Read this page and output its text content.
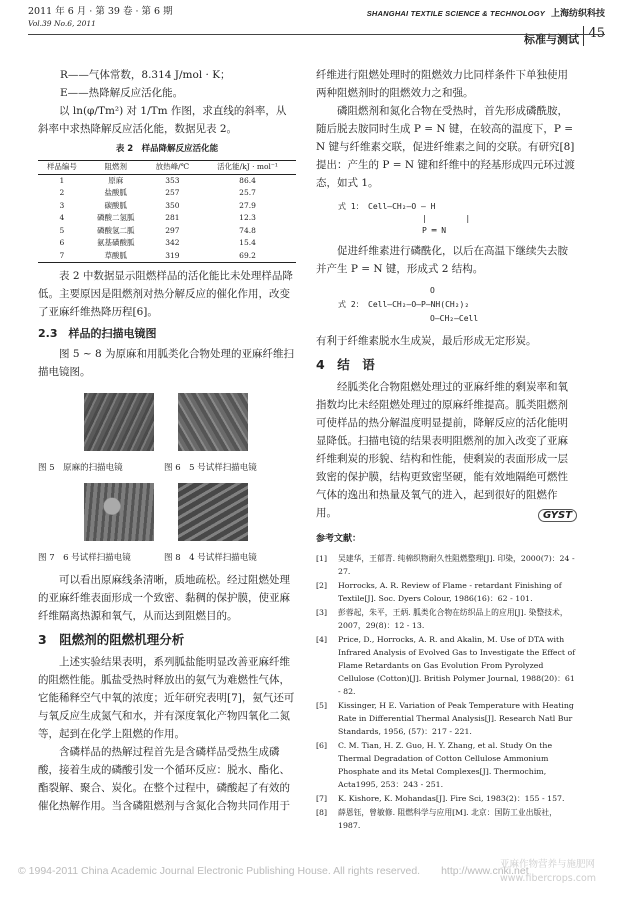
2011 年 6 月 · 第 39 卷 · 第 6 期
Vol.39 No.6, 2011
SHANGHAI TEXTILE SCIENCE & TECHNOLOGY 上海纺织科技
标准与测试 45

R——气体常数，8.314 J/mol · K；

E——热降解反应活化能。

以 ln(φ/Tm²) 对 1/Tm 作图，求直线的斜率，从斜率中求热降解反应活化能，数据见表 2。

表 2　样品降解反应活化能
样品编号	阻燃剂	放热峰/℃	活化能/kJ · mol⁻¹
1	原麻	353	86.4
2	盐酸胍	257	25.7
3	碳酸胍	350	27.9
4	磷酸二氢胍	281	12.3
5	磷酸氢二胍	297	74.8
6	氨基磺酸胍	342	15.4
7	草酸胍	319	69.2

表 2 中数据显示阻燃样品的活化能比未处理样品降低。主要原因是阻燃剂对热分解反应的催化作用，改变了亚麻纤维热降历程[6]。

2.3　样品的扫描电镜图

图 5 ~ 8 为原麻和用胍类化合物处理的亚麻纤维扫描电镜图。

图 5　原麻的扫描电镜	图 6　5 号试样扫描电镜
图 7　6 号试样扫描电镜	图 8　4 号试样扫描电镜

可以看出原麻线条清晰，质地疏松。经过阻燃处理的亚麻纤维表面形成一个致密、黏稠的保护膜，使亚麻纤维隔离热源和氧气，从而达到阻燃目的。

3　阻燃剂的阻燃机理分析

上述实验结果表明，系列胍盐能明显改善亚麻纤维的阻燃性能。胍盐受热时释放出的氨气为难燃性气体，它能稀释空气中氧的浓度；近年研究表明[7]，氨气还可与氧反应生成氮气和水，并有深度氧化产物四氧化二氮等，起到在化学上阻燃的作用。

含磷样品的热解过程首先是含磷样品受热生成磷酸，接着生成的磷酸引发一个循环反应：脱水、酯化、酯裂解、聚合、炭化。在整个过程中，磷酸起了有效的催化热解作用。当含磷阻燃剂与含氮化合物共同作用于

纤维进行阻燃处理时的阻燃效力比同样条件下单独使用两种阻燃剂时的阻燃效力之和强。

磷阻燃剂和氮化合物在受热时，首先形成磷酰胺，随后脱去胺同时生成 P = N 键，在较高的温度下，P = N 键与纤维素交联，促进纤维素之间的交联。有研究[8]提出：产生的 P = N 键和纤维中的羟基形成四元环过渡态，如式 1。

式 1： Cell—CH₂—O — H
|        |
P ═ N

促进纤维素进行磷酰化，以后在高温下继续失去胺并产生 P = N 键，形成式 2 结构。

式 2：
O
Cell—CH₂—O—P—NH(CH₂)₂
O—CH₂—Cell

有利于纤维素脱水生成炭，最后形成无定形炭。

4　结　语

经胍类化合物阻燃处理过的亚麻纤维的剩炭率和氧指数均比未经阻燃处理过的原麻纤维提高。胍类阻燃剂可使样品的热分解温度明显提前，降解反应的活化能明显降低。扫描电镜的结果表明阻燃剂的加入改变了亚麻纤维剩炭的形貌、结构和性能，使剩炭的表面形成一层致密的保护膜，结构更致密坚硬，能有效地隔绝可燃性气体的逸出和热量及氧气的进入，起到很好的阻燃作用。

参考文献：
[1]	吴建华，王郁青. 纯棉织物耐久性阻燃整理[J]. 印染，2000(7)：24 - 27.
[2]	Horrocks, A. R. Review of Flame - retardant Finishing of Textile[J]. Soc. Dyers Colour, 1986(16)：62 - 101.
[3]	彭蓉起，朱平，王炳. 胍类化合物在纺织品上的应用[J]. 染整技术，2007，29(8)：12 - 13.
[4]	Price, D., Horrocks, A. R. and Akalin, M. Use of DTA with Infrared Analysis of Evolved Gas to Investigate the Effect of Flame Retardants on Gas Evolution From Pyrolyzed Cellulose (Cotton)[J]. British Polymer Journal, 1988(20)：61 - 82.
[5]	Kissinger, H E. Variation of Peak Temperature with Heating Rate in Differential Thermal Analysis[J]. Research Natl Bur Standards, 1956, (57)：217 - 221.
[6]	C. M. Tian, H. Z. Guo, H. Y. Zhang, et al. Study On the Thermal Degradation of Cotton Cellulose Ammonium Phosphate and its Metal Complexes[J]. Thermochim, Acta1995, 253：243 - 251.
[7]	K. Kishore, K. Mohandas[J]. Fire Sci, 1983(2)：155 - 157.
[8]	薛恩钰，曾敏修. 阻燃科学与应用[M]. 北京：国防工业出版社，1987.
GYST
© 1994-2011 China Academic Journal Electronic Publishing House. All rights reserved.　　http://www.cnki.net
亚麻作物营养与施肥网 www.fibercrops.com
